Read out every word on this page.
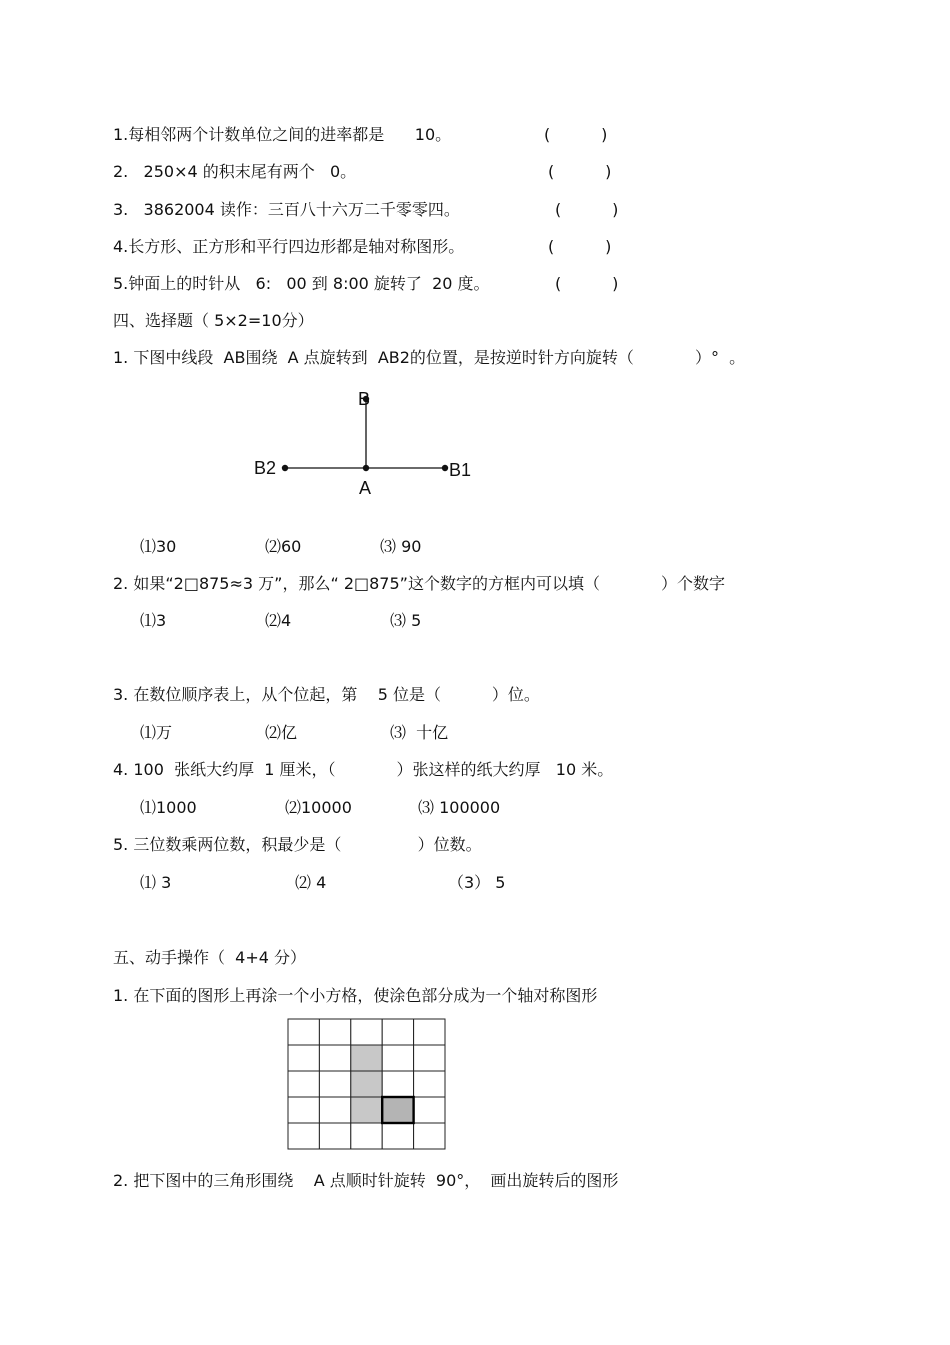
1.每相邻两个计数单位之间的进率都是      10。	(          )
2.   250×4 的积末尾有两个   0。	(          )
3.   3862004 读作：三百八十六万二千零零四。	(          )
4.长方形、正方形和平行四边形都是轴对称图形。	(          )
5.钟面上的时针从   6:   00 到 8:00 旋转了  20 度。	(          )
四、选择题（ 5×2=10分）
1. 下图中线段  AB围绕  A 点旋转到  AB2的位置，是按逆时针方向旋转（            ）°  。
B
B1
B2
A
⑴30	⑵60	⑶ 90
2. 如果“2□875≈3 万”，那么“ 2□875”这个数字的方框内可以填（            ）个数字
⑴3	⑵4	⑶ 5
3. 在数位顺序表上，从个位起，第    5 位是（          ）位。
⑴万	⑵亿	⑶  十亿
4. 100  张纸大约厚  1 厘米，（            ）张这样的纸大约厚   10 米。
⑴1000	⑵10000	⑶ 100000
5. 三位数乘两位数，积最少是（               ）位数。
⑴ 3	⑵ 4	（3） 5
五、动手操作（  4+4 分）
1. 在下面的图形上再涂一个小方格，使涂色部分成为一个轴对称图形
2. 把下图中的三角形围绕    A 点顺时针旋转  90°，  画出旋转后的图形
